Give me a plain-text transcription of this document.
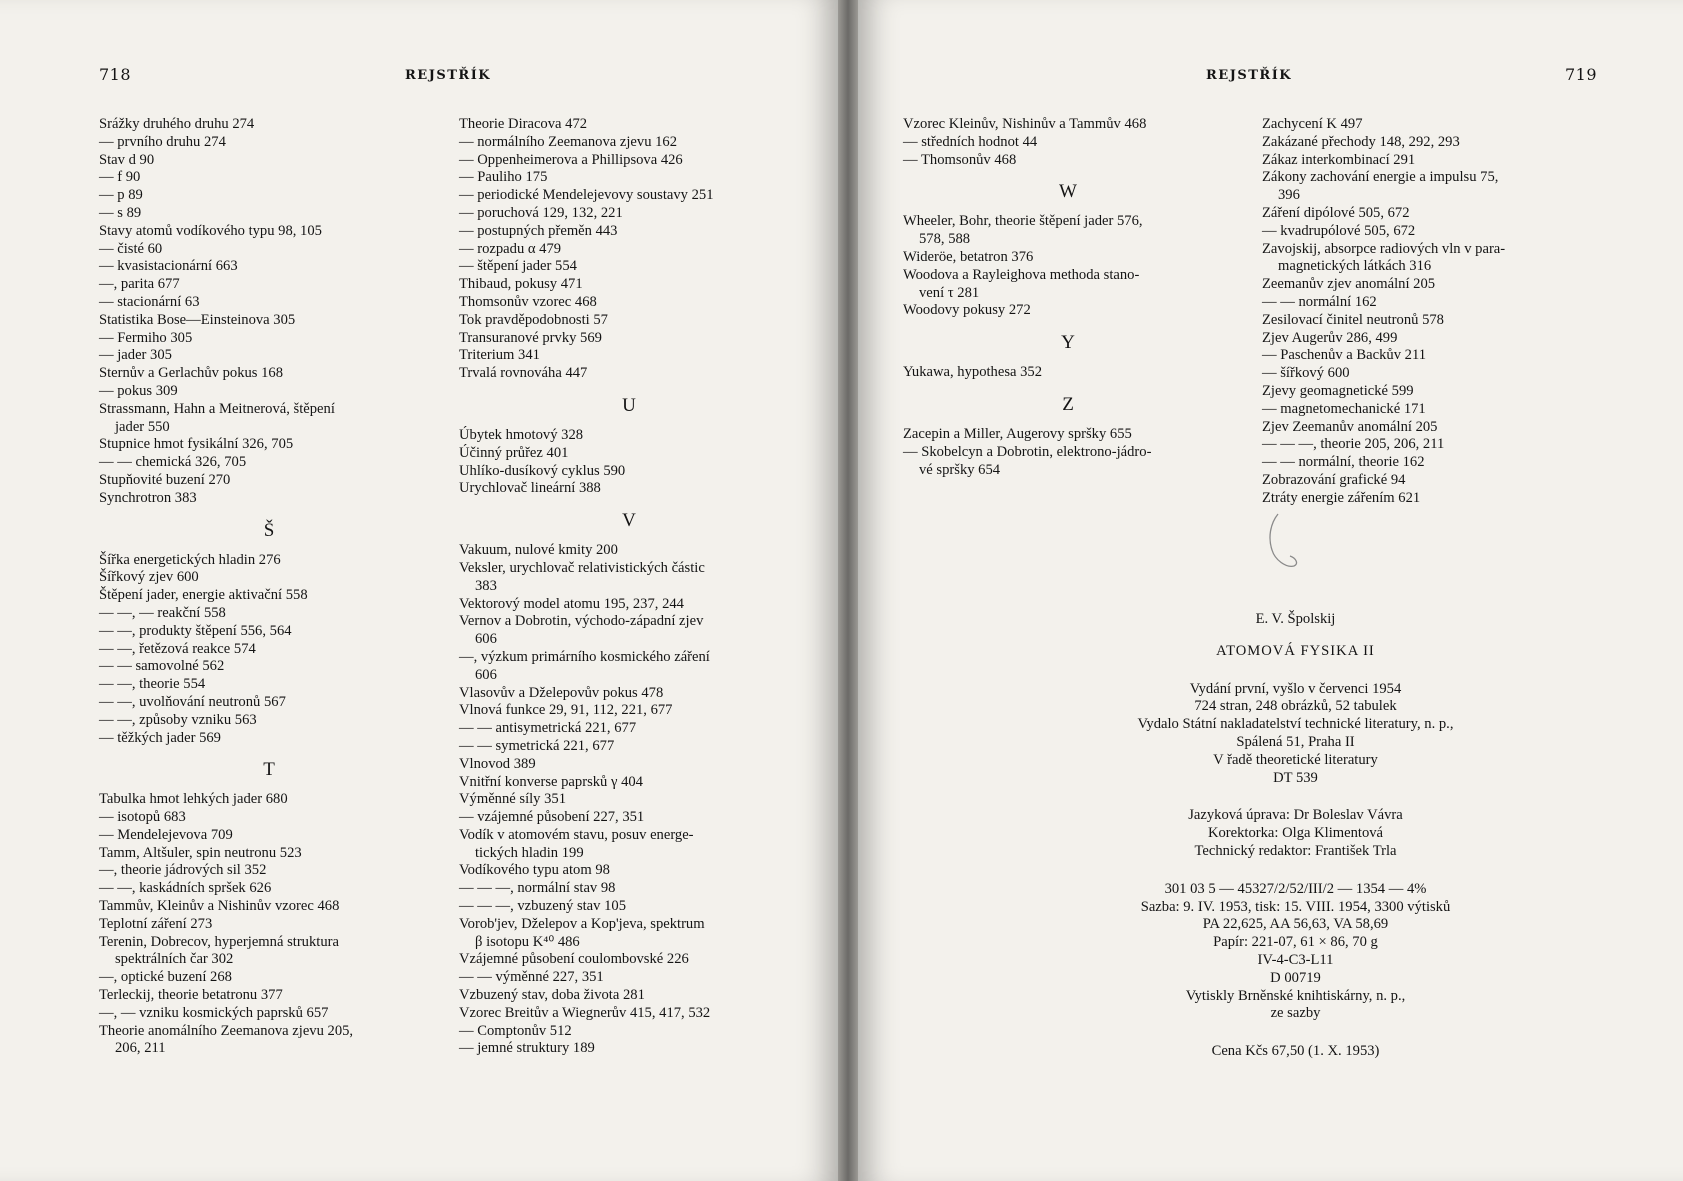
718	REJSTŘÍK
Srážky druhého druhu 274
— prvního druhu 274
Stav d 90
— f 90
— p 89
— s 89
Stavy atomů vodíkového typu 98, 105
— čisté 60
— kvasistacionární 663
—, parita 677
— stacionární 63
Statistika Bose—Einsteinova 305
— Fermiho 305
— jader 305
Sternův a Gerlachův pokus 168
— pokus 309
Strassmann, Hahn a Meitnerová, štěpení
jader 550
Stupnice hmot fysikální 326, 705
— — chemická 326, 705
Stupňovité buzení 270
Synchrotron 383
Š
Šířka energetických hladin 276
Šířkový zjev 600
Štěpení jader, energie aktivační 558
— —, — reakční 558
— —, produkty štěpení 556, 564
— —, řetězová reakce 574
— — samovolné 562
— —, theorie 554
— —, uvolňování neutronů 567
— —, způsoby vzniku 563
— těžkých jader 569
T
Tabulka hmot lehkých jader 680
— isotopů 683
— Mendelejevova 709
Tamm, Altšuler, spin neutronu 523
—, theorie jádrových sil 352
— —, kaskádních spršek 626
Tammův, Kleinův a Nishinův vzorec 468
Teplotní záření 273
Terenin, Dobrecov, hyperjemná struktura
spektrálních čar 302
—, optické buzení 268
Terleckij, theorie betatronu 377
—, — vzniku kosmických paprsků 657
Theorie anomálního Zeemanova zjevu 205,
206, 211
Theorie Diracova 472
— normálního Zeemanova zjevu 162
— Oppenheimerova a Phillipsova 426
— Pauliho 175
— periodické Mendelejevovy soustavy 251
— poruchová 129, 132, 221
— postupných přeměn 443
— rozpadu α 479
— štěpení jader 554
Thibaud, pokusy 471
Thomsonův vzorec 468
Tok pravděpodobnosti 57
Transuranové prvky 569
Triterium 341
Trvalá rovnováha 447
U
Úbytek hmotový 328
Účinný průřez 401
Uhlíko-dusíkový cyklus 590
Urychlovač lineární 388
V
Vakuum, nulové kmity 200
Veksler, urychlovač relativistických částic
383
Vektorový model atomu 195, 237, 244
Vernov a Dobrotin, východo-západní zjev
606
—, výzkum primárního kosmického záření
606
Vlasovův a Dželepovův pokus 478
Vlnová funkce 29, 91, 112, 221, 677
— — antisymetrická 221, 677
— — symetrická 221, 677
Vlnovod 389
Vnitřní konverse paprsků γ 404
Výměnné síly 351
— vzájemné působení 227, 351
Vodík v atomovém stavu, posuv energe-
tických hladin 199
Vodíkového typu atom 98
— — —, normální stav 98
— — —, vzbuzený stav 105
Vorob'jev, Dželepov a Kop'jeva, spektrum
β isotopu K⁴⁰ 486
Vzájemné působení coulombovské 226
— — výměnné 227, 351
Vzbuzený stav, doba života 281
Vzorec Breitův a Wiegnerův 415, 417, 532
— Comptonův 512
— jemné struktury 189
REJSTŘÍK	719
Vzorec Kleinův, Nishinův a Tammův 468
— středních hodnot 44
— Thomsonův 468
W
Wheeler, Bohr, theorie štěpení jader 576,
578, 588
Wideröe, betatron 376
Woodova a Rayleighova methoda stano-
vení τ 281
Woodovy pokusy 272
Y
Yukawa, hypothesa 352
Z
Zacepin a Miller, Augerovy spršky 655
— Skobelcyn a Dobrotin, elektrono-jádro-
vé spršky 654
Zachycení K 497
Zakázané přechody 148, 292, 293
Zákaz interkombinací 291
Zákony zachování energie a impulsu 75,
396
Záření dipólové 505, 672
— kvadrupólové 505, 672
Zavojskij, absorpce radiových vln v para-
magnetických látkách 316
Zeemanův zjev anomální 205
— — normální 162
Zesilovací činitel neutronů 578
Zjev Augerův 286, 499
— Paschenův a Backův 211
— šířkový 600
Zjevy geomagnetické 599
— magnetomechanické 171
Zjev Zeemanův anomální 205
— — —, theorie 205, 206, 211
— — normální, theorie 162
Zobrazování grafické 94
Ztráty energie zářením 621
E. V. Špolskij
ATOMOVÁ FYSIKA II
Vydání první, vyšlo v červenci 1954
724 stran, 248 obrázků, 52 tabulek
Vydalo Státní nakladatelství technické literatury, n. p.,
Spálená 51, Praha II
V řadě theoretické literatury
DT 539
Jazyková úprava: Dr Boleslav Vávra
Korektorka: Olga Klimentová
Technický redaktor: František Trla
301 03 5 — 45327/2/52/III/2 — 1354 — 4%
Sazba: 9. IV. 1953, tisk: 15. VIII. 1954, 3300 výtisků
PA 22,625, AA 56,63, VA 58,69
Papír: 221-07, 61 × 86, 70 g
IV-4-C3-L11
D 00719
Vytiskly Brněnské knihtiskárny, n. p.,
ze sazby
Cena Kčs 67,50 (1. X. 1953)
